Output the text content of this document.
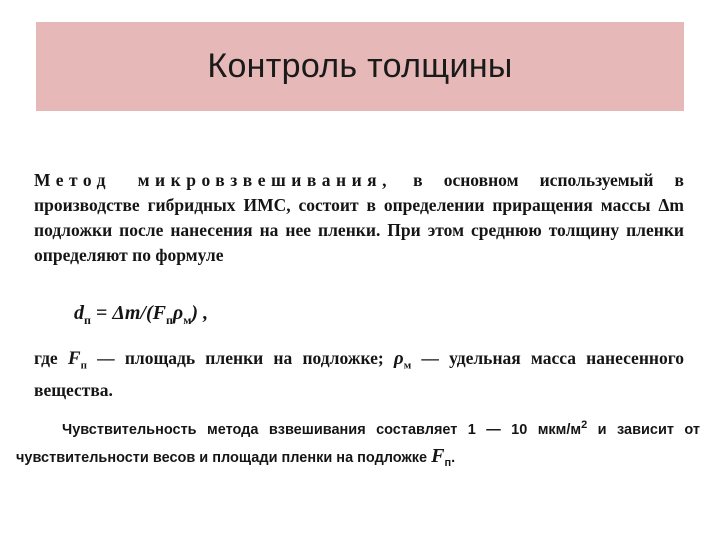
Контроль толщины
Метод микровзвешивания, в основном используемый в производстве гибридных ИМС, состоит в определении приращения массы Δm подложки после нанесения на нее пленки. При этом среднюю толщину пленки определяют по формуле
$d_п = \Delta m/(F_п\rho_м)$ ,
где $F_п$ — площадь пленки на подложке; $\rho_м$ — удельная масса нанесенного вещества.
Чувствительность метода взвешивания составляет 1 — 10 мкм/$м^2$ и зависит от чувствительности весов и площади пленки на подложке $F_п$.
